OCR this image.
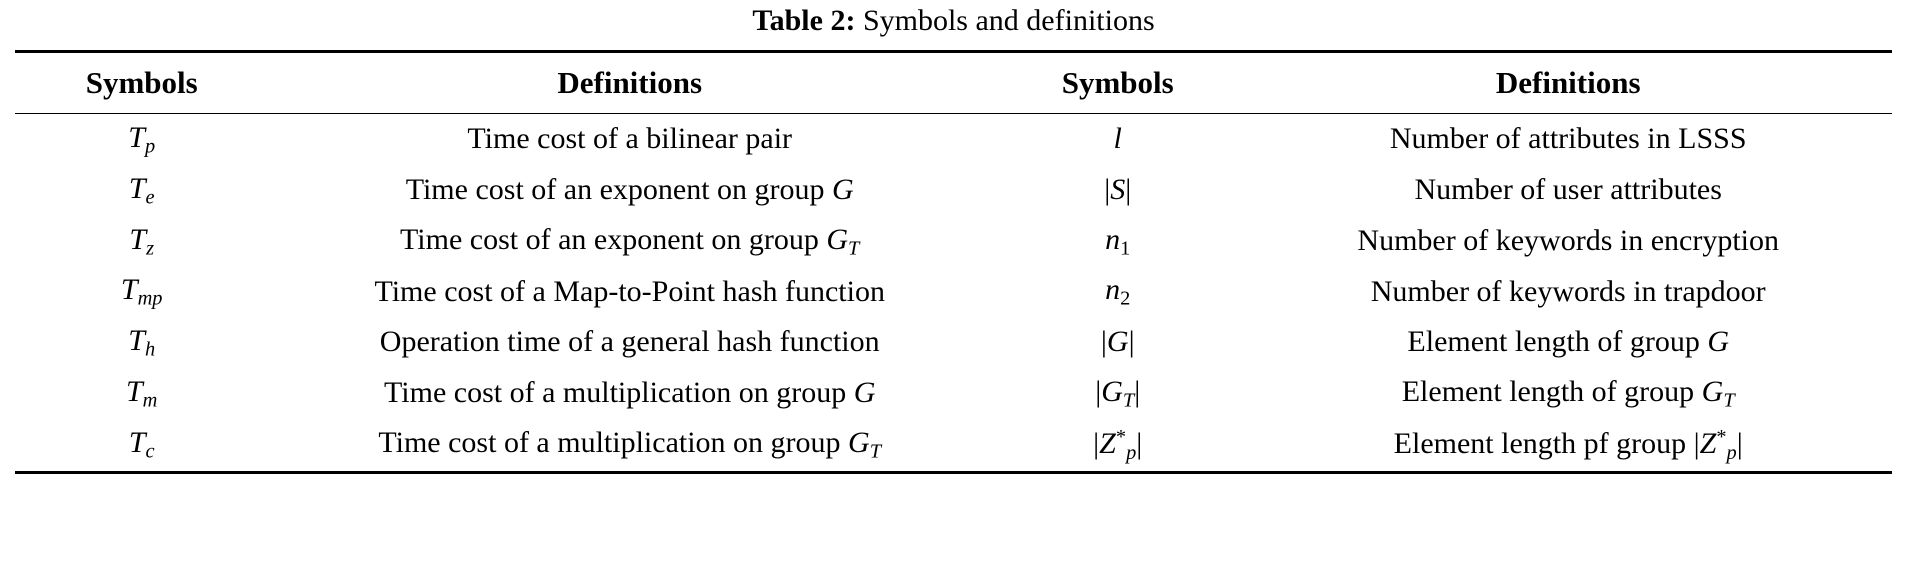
Table 2: Symbols and definitions
Symbols	Definitions	Symbols	Definitions
$T_p$	Time cost of a bilinear pair	l	Number of attributes in LSSS
$T_e$	Time cost of an exponent on group G	|S|	Number of user attributes
$T_z$	Time cost of an exponent on group $G_T$	$n_1$	Number of keywords in encryption
$T_{mp}$	Time cost of a Map-to-Point hash function	$n_2$	Number of keywords in trapdoor
$T_h$	Operation time of a general hash function	|G|	Element length of group G
$T_m$	Time cost of a multiplication on group G	$|G_T|$	Element length of group $G_T$
$T_c$	Time cost of a multiplication on group $G_T$	$|Z^*_p|$	Element length pf group $|Z^*_p|$
